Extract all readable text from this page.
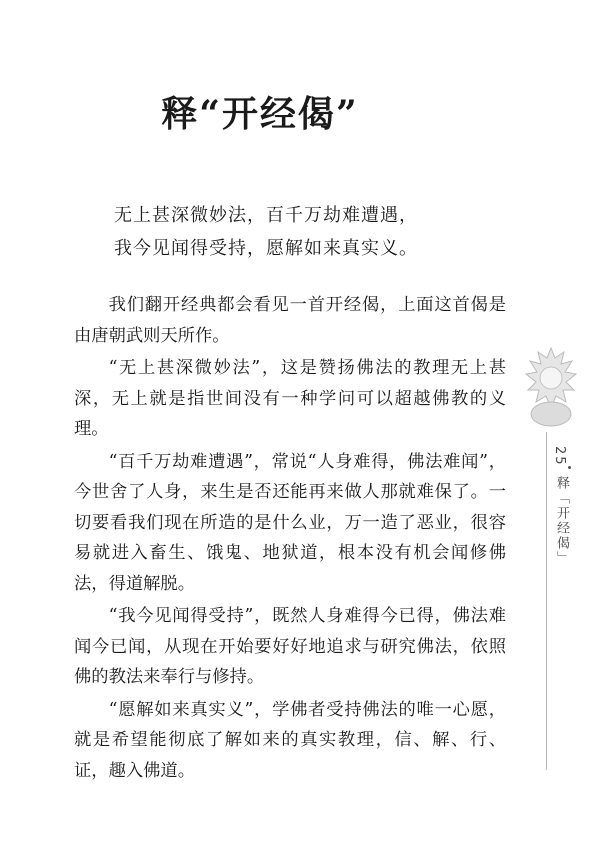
释“开经偈”
无上甚深微妙法，百千万劫难遭遇，
我今见闻得受持，愿解如来真实义。

我们翻开经典都会看见一首开经偈，上面这首偈是由唐朝武则天所作。

“无上甚深微妙法”，这是赞扬佛法的教理无上甚深，无上就是指世间没有一种学问可以超越佛教的义理。

“百千万劫难遭遇”，常说“人身难得，佛法难闻”，今世舍了人身，来生是否还能再来做人那就难保了。一切要看我们现在所造的是什么业，万一造了恶业，很容易就进入畜生、饿鬼、地狱道，根本没有机会闻修佛法，得道解脱。

“我今见闻得受持”，既然人身难得今已得，佛法难闻今已闻，从现在开始要好好地追求与研究佛法，依照佛的教法来奉行与修持。

“愿解如来真实义”，学佛者受持佛法的唯一心愿，就是希望能彻底了解如来的真实教理，信、解、行、证，趣入佛道。

25
释「开经偈」
